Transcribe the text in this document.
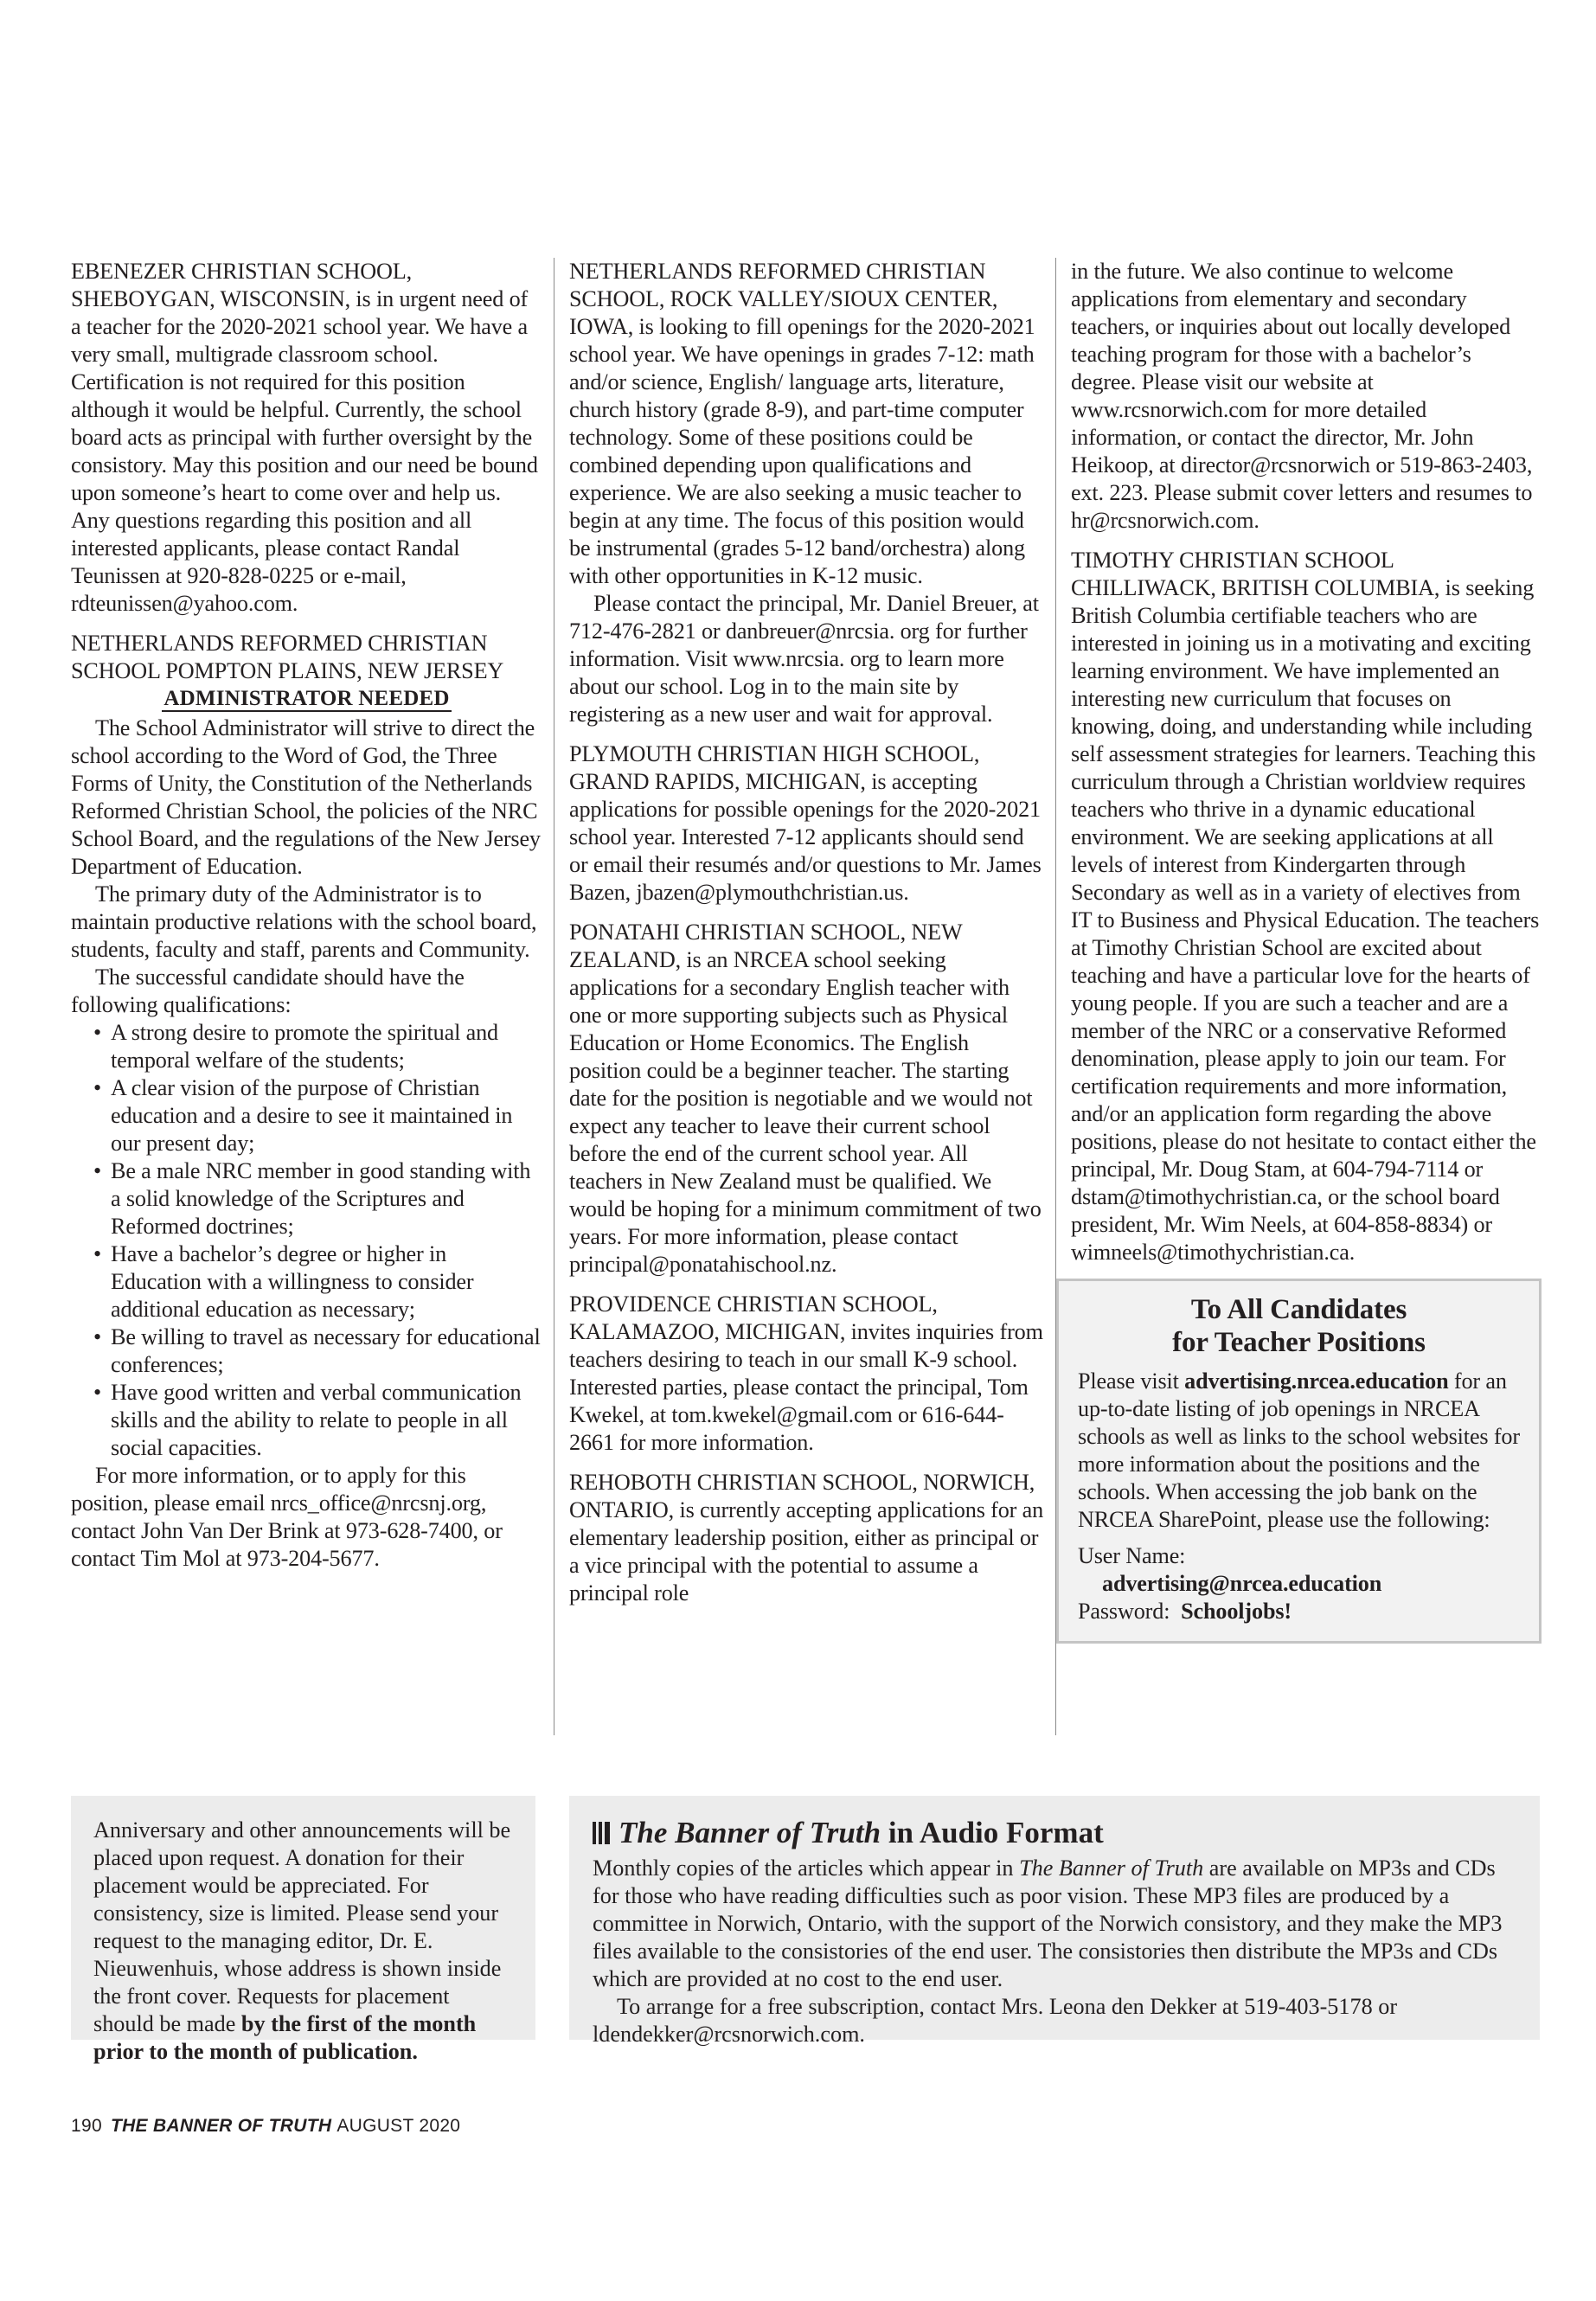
EBENEZER CHRISTIAN SCHOOL, SHEBOYGAN, WISCONSIN, is in urgent need of a teacher for the 2020-2021 school year. We have a very small, multigrade classroom school. Certification is not required for this position although it would be helpful. Currently, the school board acts as principal with further oversight by the consistory. May this position and our need be bound upon someone’s heart to come over and help us. Any questions regarding this position and all interested applicants, please contact Randal Teunissen at 920-828-0225 or e-mail, rdteunissen@yahoo.com.

NETHERLANDS REFORMED CHRISTIAN SCHOOL POMPTON PLAINS, NEW JERSEY

ADMINISTRATOR NEEDED

The School Administrator will strive to direct the school according to the Word of God, the Three Forms of Unity, the Constitution of the Netherlands Reformed Christian School, the policies of the NRC School Board, and the regulations of the New Jersey Department of Education.

The primary duty of the Administrator is to maintain productive relations with the school board, students, faculty and staff, parents and Community.

The successful candidate should have the following qualifications:

• A strong desire to promote the spiritual and temporal welfare of the students;
• A clear vision of the purpose of Christian education and a desire to see it maintained in our present day;
• Be a male NRC member in good standing with a solid knowledge of the Scriptures and Reformed doctrines;
• Have a bachelor’s degree or higher in Education with a willingness to consider additional education as necessary;
• Be willing to travel as necessary for educational conferences;
• Have good written and verbal communication skills and the ability to relate to people in all social capacities.

For more information, or to apply for this position, please email nrcs_office@nrcsnj.org, contact John Van Der Brink at 973-628-7400, or contact Tim Mol at 973-204-5677.

NETHERLANDS REFORMED CHRISTIAN SCHOOL, ROCK VALLEY/SIOUX CENTER, IOWA, is looking to fill openings for the 2020-2021 school year. We have openings in grades 7-12: math and/or science, English/ language arts, literature, church history (grade 8-9), and part-time computer technology. Some of these positions could be combined depending upon qualifications and experience. We are also seeking a music teacher to begin at any time. The focus of this position would be instrumental (grades 5-12 band/orchestra) along with other opportunities in K-12 music.

Please contact the principal, Mr. Daniel Breuer, at 712-476-2821 or danbreuer@nrcsia. org for further information. Visit www.nrcsia. org to learn more about our school. Log in to the main site by registering as a new user and wait for approval.

PLYMOUTH CHRISTIAN HIGH SCHOOL, GRAND RAPIDS, MICHIGAN, is accepting applications for possible openings for the 2020-2021 school year. Interested 7-12 applicants should send or email their resumés and/or questions to Mr. James Bazen, jbazen@plymouthchristian.us.

PONATAHI CHRISTIAN SCHOOL, NEW ZEALAND, is an NRCEA school seeking applications for a secondary English teacher with one or more supporting subjects such as Physical Education or Home Economics. The English position could be a beginner teacher. The starting date for the position is negotiable and we would not expect any teacher to leave their current school before the end of the current school year. All teachers in New Zealand must be qualified. We would be hoping for a minimum commitment of two years. For more information, please contact principal@ponatahischool.nz.

PROVIDENCE CHRISTIAN SCHOOL, KALAMAZOO, MICHIGAN, invites inquiries from teachers desiring to teach in our small K-9 school. Interested parties, please contact the principal, Tom Kwekel, at tom.kwekel@gmail.com or 616-644-2661 for more information.

REHOBOTH CHRISTIAN SCHOOL, NORWICH, ONTARIO, is currently accepting applications for an elementary leadership position, either as principal or a vice principal with the potential to assume a principal role

in the future. We also continue to welcome applications from elementary and secondary teachers, or inquiries about out locally developed teaching program for those with a bachelor’s degree. Please visit our website at www.rcsnorwich.com for more detailed information, or contact the director, Mr. John Heikoop, at director@rcsnorwich or 519-863-2403, ext. 223. Please submit cover letters and resumes to hr@rcsnorwich.com.

TIMOTHY CHRISTIAN SCHOOL CHILLIWACK, BRITISH COLUMBIA, is seeking British Columbia certifiable teachers who are interested in joining us in a motivating and exciting learning environment. We have implemented an interesting new curriculum that focuses on knowing, doing, and understanding while including self assessment strategies for learners. Teaching this curriculum through a Christian worldview requires teachers who thrive in a dynamic educational environment. We are seeking applications at all levels of interest from Kindergarten through Secondary as well as in a variety of electives from IT to Business and Physical Education. The teachers at Timothy Christian School are excited about teaching and have a particular love for the hearts of young people. If you are such a teacher and are a member of the NRC or a conservative Reformed denomination, please apply to join our team. For certification requirements and more information, and/or an application form regarding the above positions, please do not hesitate to contact either the principal, Mr. Doug Stam, at 604-794-7114 or dstam@timothychristian.ca, or the school board president, Mr. Wim Neels, at 604-858-8834) or wimneels@timothychristian.ca.

To All Candidates
for Teacher Positions

Please visit advertising.nrcea.education for an up-to-date listing of job openings in NRCEA schools as well as links to the school websites for more information about the positions and the schools. When accessing the job bank on the NRCEA SharePoint, please use the following:

User Name:

advertising@nrcea.education

Password:  Schooljobs!

Anniversary and other announcements will be placed upon request. A donation for their placement would be appreciated. For consistency, size is limited. Please send your request to the managing editor, Dr. E. Nieuwenhuis, whose address is shown inside the front cover. Requests for placement should be made by the first of the month prior to the month of publication.

The Banner of Truth in Audio Format

Monthly copies of the articles which appear in The Banner of Truth are available on MP3s and CDs for those who have reading difficulties such as poor vision. These MP3 files are produced by a committee in Norwich, Ontario, with the support of the Norwich consistory, and they make the MP3 files available to the consistories of the end user. The consistories then distribute the MP3s and CDs which are provided at no cost to the end user.

To arrange for a free subscription, contact Mrs. Leona den Dekker at 519-403-5178 or ldendekker@rcsnorwich.com.

190 THE BANNER OF TRUTH AUGUST 2020
